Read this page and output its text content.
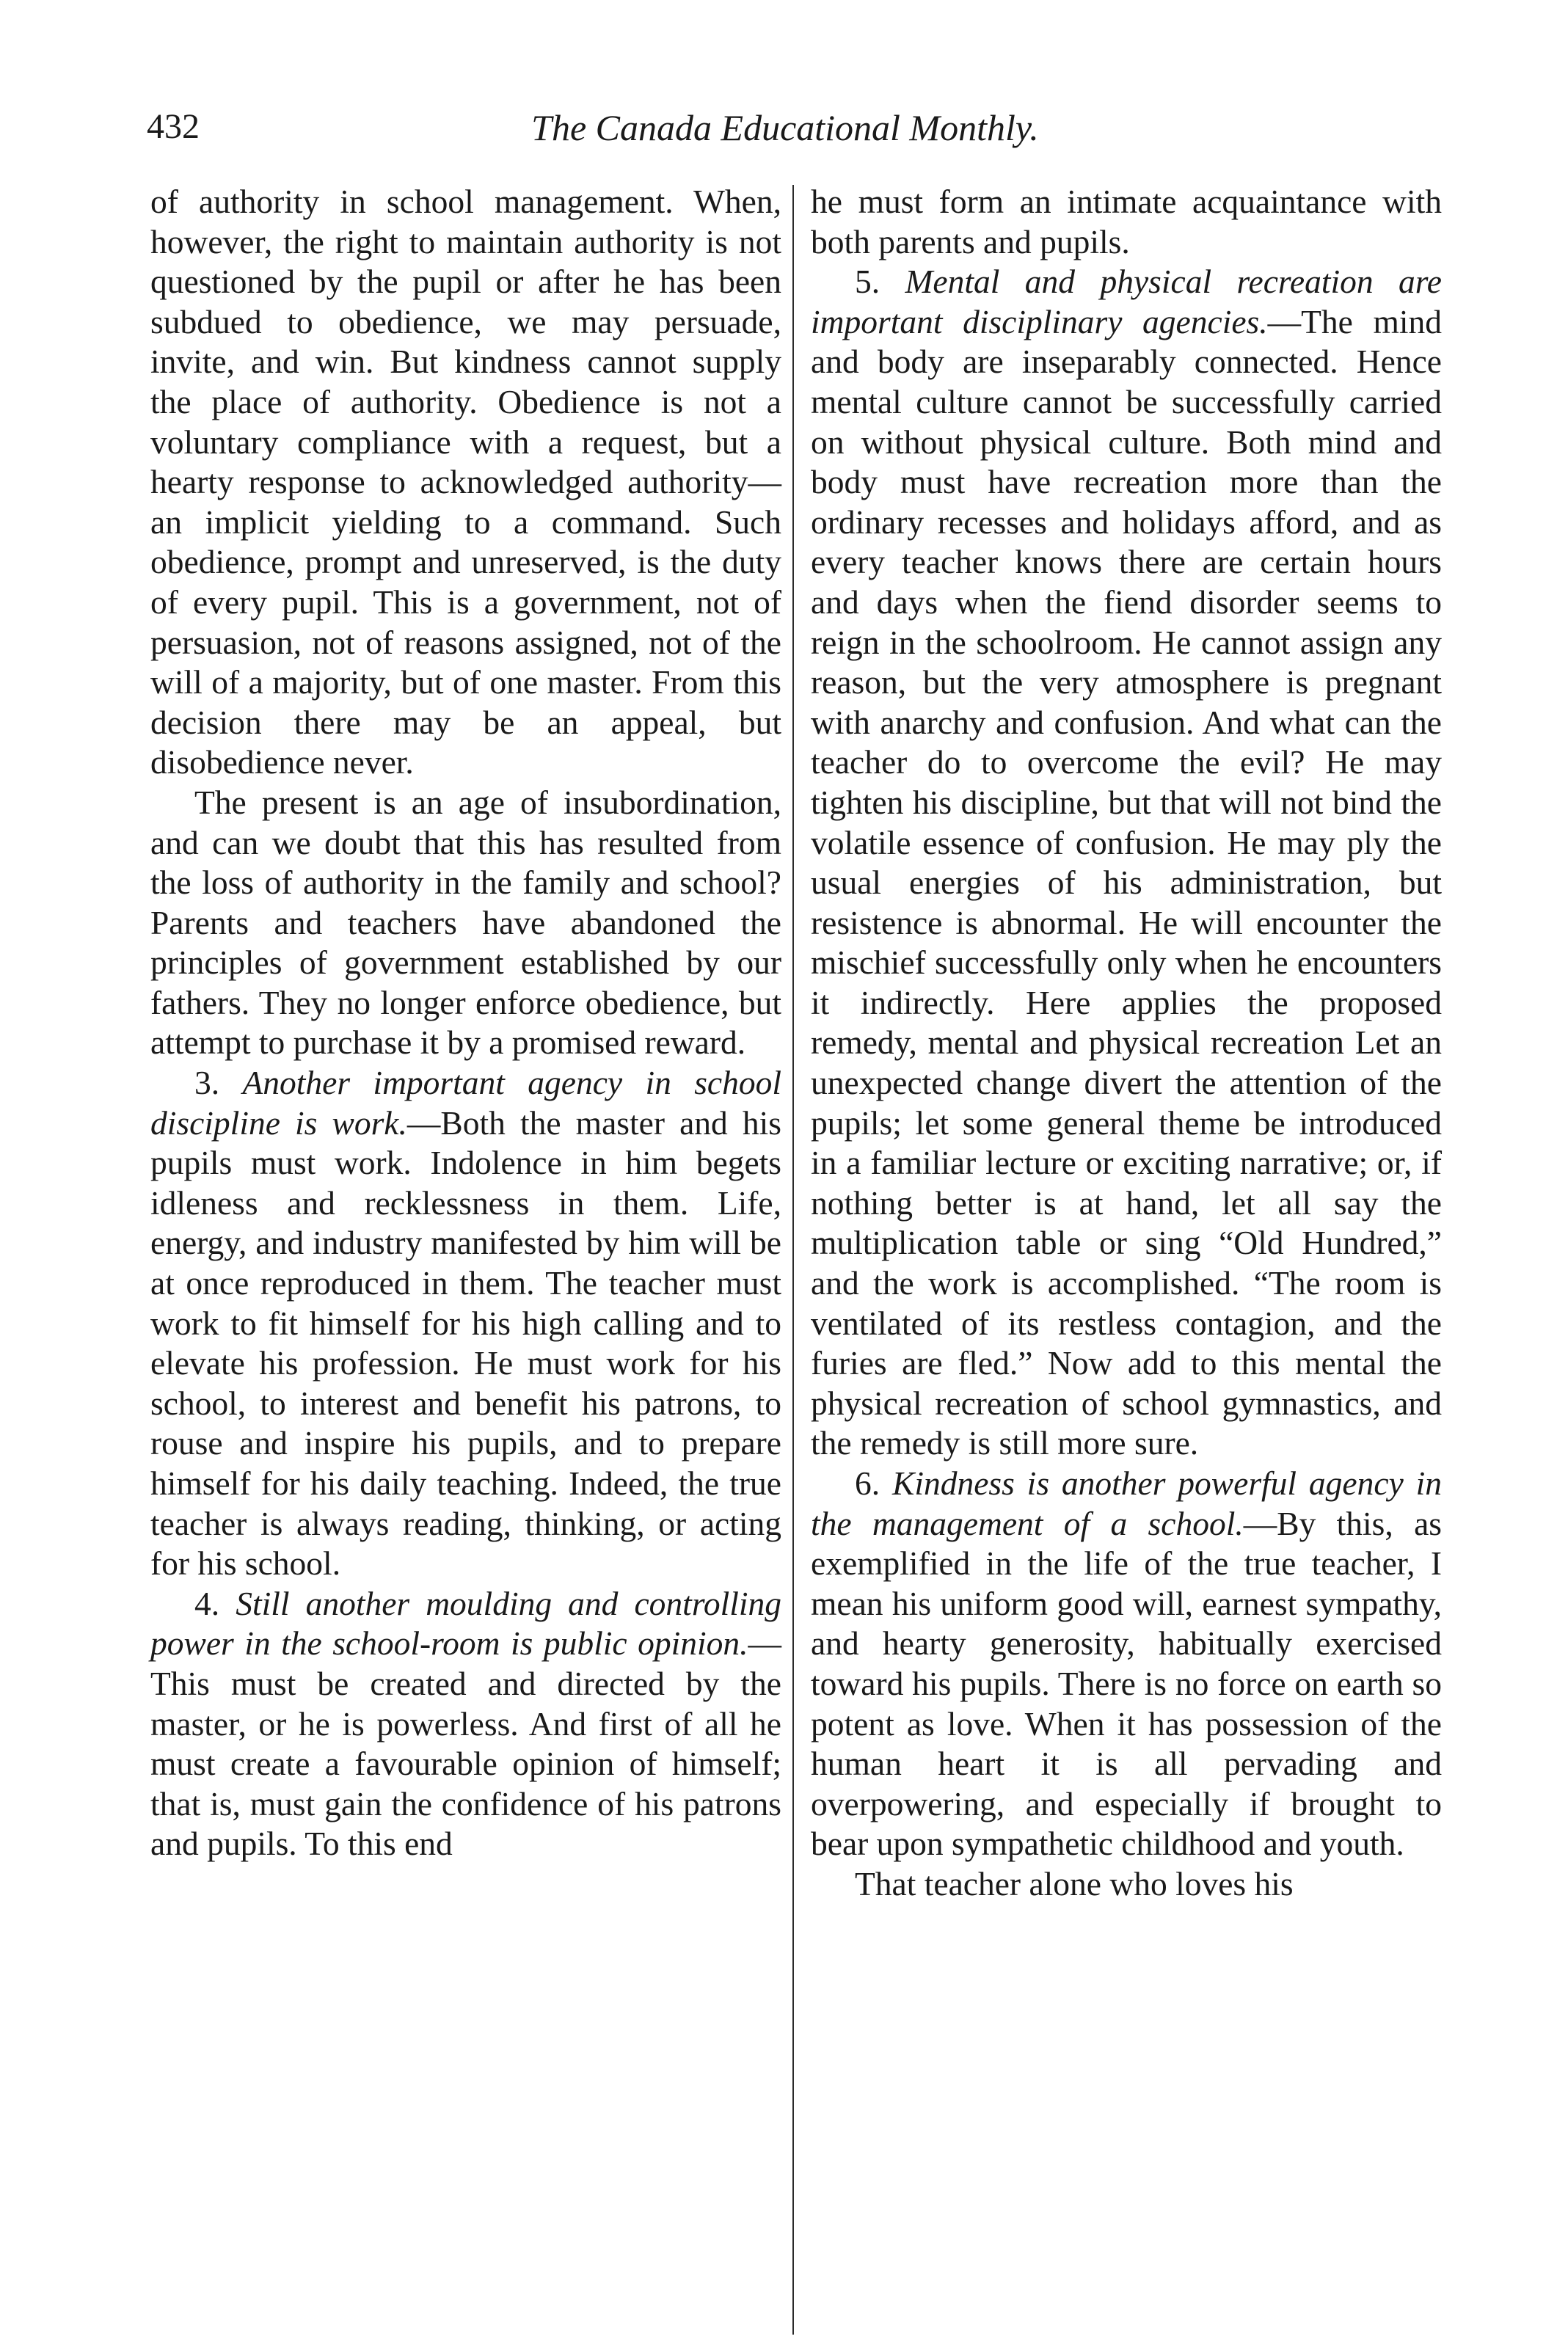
432	The Canada Educational Monthly.

of authority in school management. When, however, the right to maintain authority is not questioned by the pupil or after he has been subdued to obedience, we may persuade, invite, and win. But kindness cannot supply the place of authority. Obedience is not a voluntary compliance with a request, but a hearty response to acknowledged authority—an implicit yielding to a command. Such obedience, prompt and unreserved, is the duty of every pupil. This is a government, not of persuasion, not of reasons assigned, not of the will of a majority, but of one master. From this decision there may be an appeal, but disobedience never.

The present is an age of insubordination, and can we doubt that this has resulted from the loss of authority in the family and school? Parents and teachers have abandoned the principles of government established by our fathers. They no longer enforce obedience, but attempt to purchase it by a promised reward.

3. Another important agency in school discipline is work.—Both the master and his pupils must work. Indolence in him begets idleness and recklessness in them. Life, energy, and industry manifested by him will be at once reproduced in them. The teacher must work to fit himself for his high calling and to elevate his profession. He must work for his school, to interest and benefit his patrons, to rouse and inspire his pupils, and to prepare himself for his daily teaching. Indeed, the true teacher is always reading, thinking, or acting for his school.

4. Still another moulding and controlling power in the school-room is public opinion.—This must be created and directed by the master, or he is powerless. And first of all he must create a favourable opinion of himself; that is, must gain the confidence of his patrons and pupils. To this end

he must form an intimate acquaintance with both parents and pupils.

5. Mental and physical recreation are important disciplinary agencies.—The mind and body are inseparably connected. Hence mental culture cannot be successfully carried on without physical culture. Both mind and body must have recreation more than the ordinary recesses and holidays afford, and as every teacher knows there are certain hours and days when the fiend disorder seems to reign in the schoolroom. He cannot assign any reason, but the very atmosphere is pregnant with anarchy and confusion. And what can the teacher do to overcome the evil? He may tighten his discipline, but that will not bind the volatile essence of confusion. He may ply the usual energies of his administration, but resistence is abnormal. He will encounter the mischief successfully only when he encounters it indirectly. Here applies the proposed remedy, mental and physical recreation Let an unexpected change divert the attention of the pupils; let some general theme be introduced in a familiar lecture or exciting narrative; or, if nothing better is at hand, let all say the multiplication table or sing “Old Hundred,” and the work is accomplished. “The room is ventilated of its restless contagion, and the furies are fled.” Now add to this mental the physical recreation of school gymnastics, and the remedy is still more sure.

6. Kindness is another powerful agency in the management of a school.—By this, as exemplified in the life of the true teacher, I mean his uniform good will, earnest sympathy, and hearty generosity, habitually exercised toward his pupils. There is no force on earth so potent as love. When it has possession of the human heart it is all pervading and overpowering, and especially if brought to bear upon sympathetic childhood and youth.

That teacher alone who loves his
